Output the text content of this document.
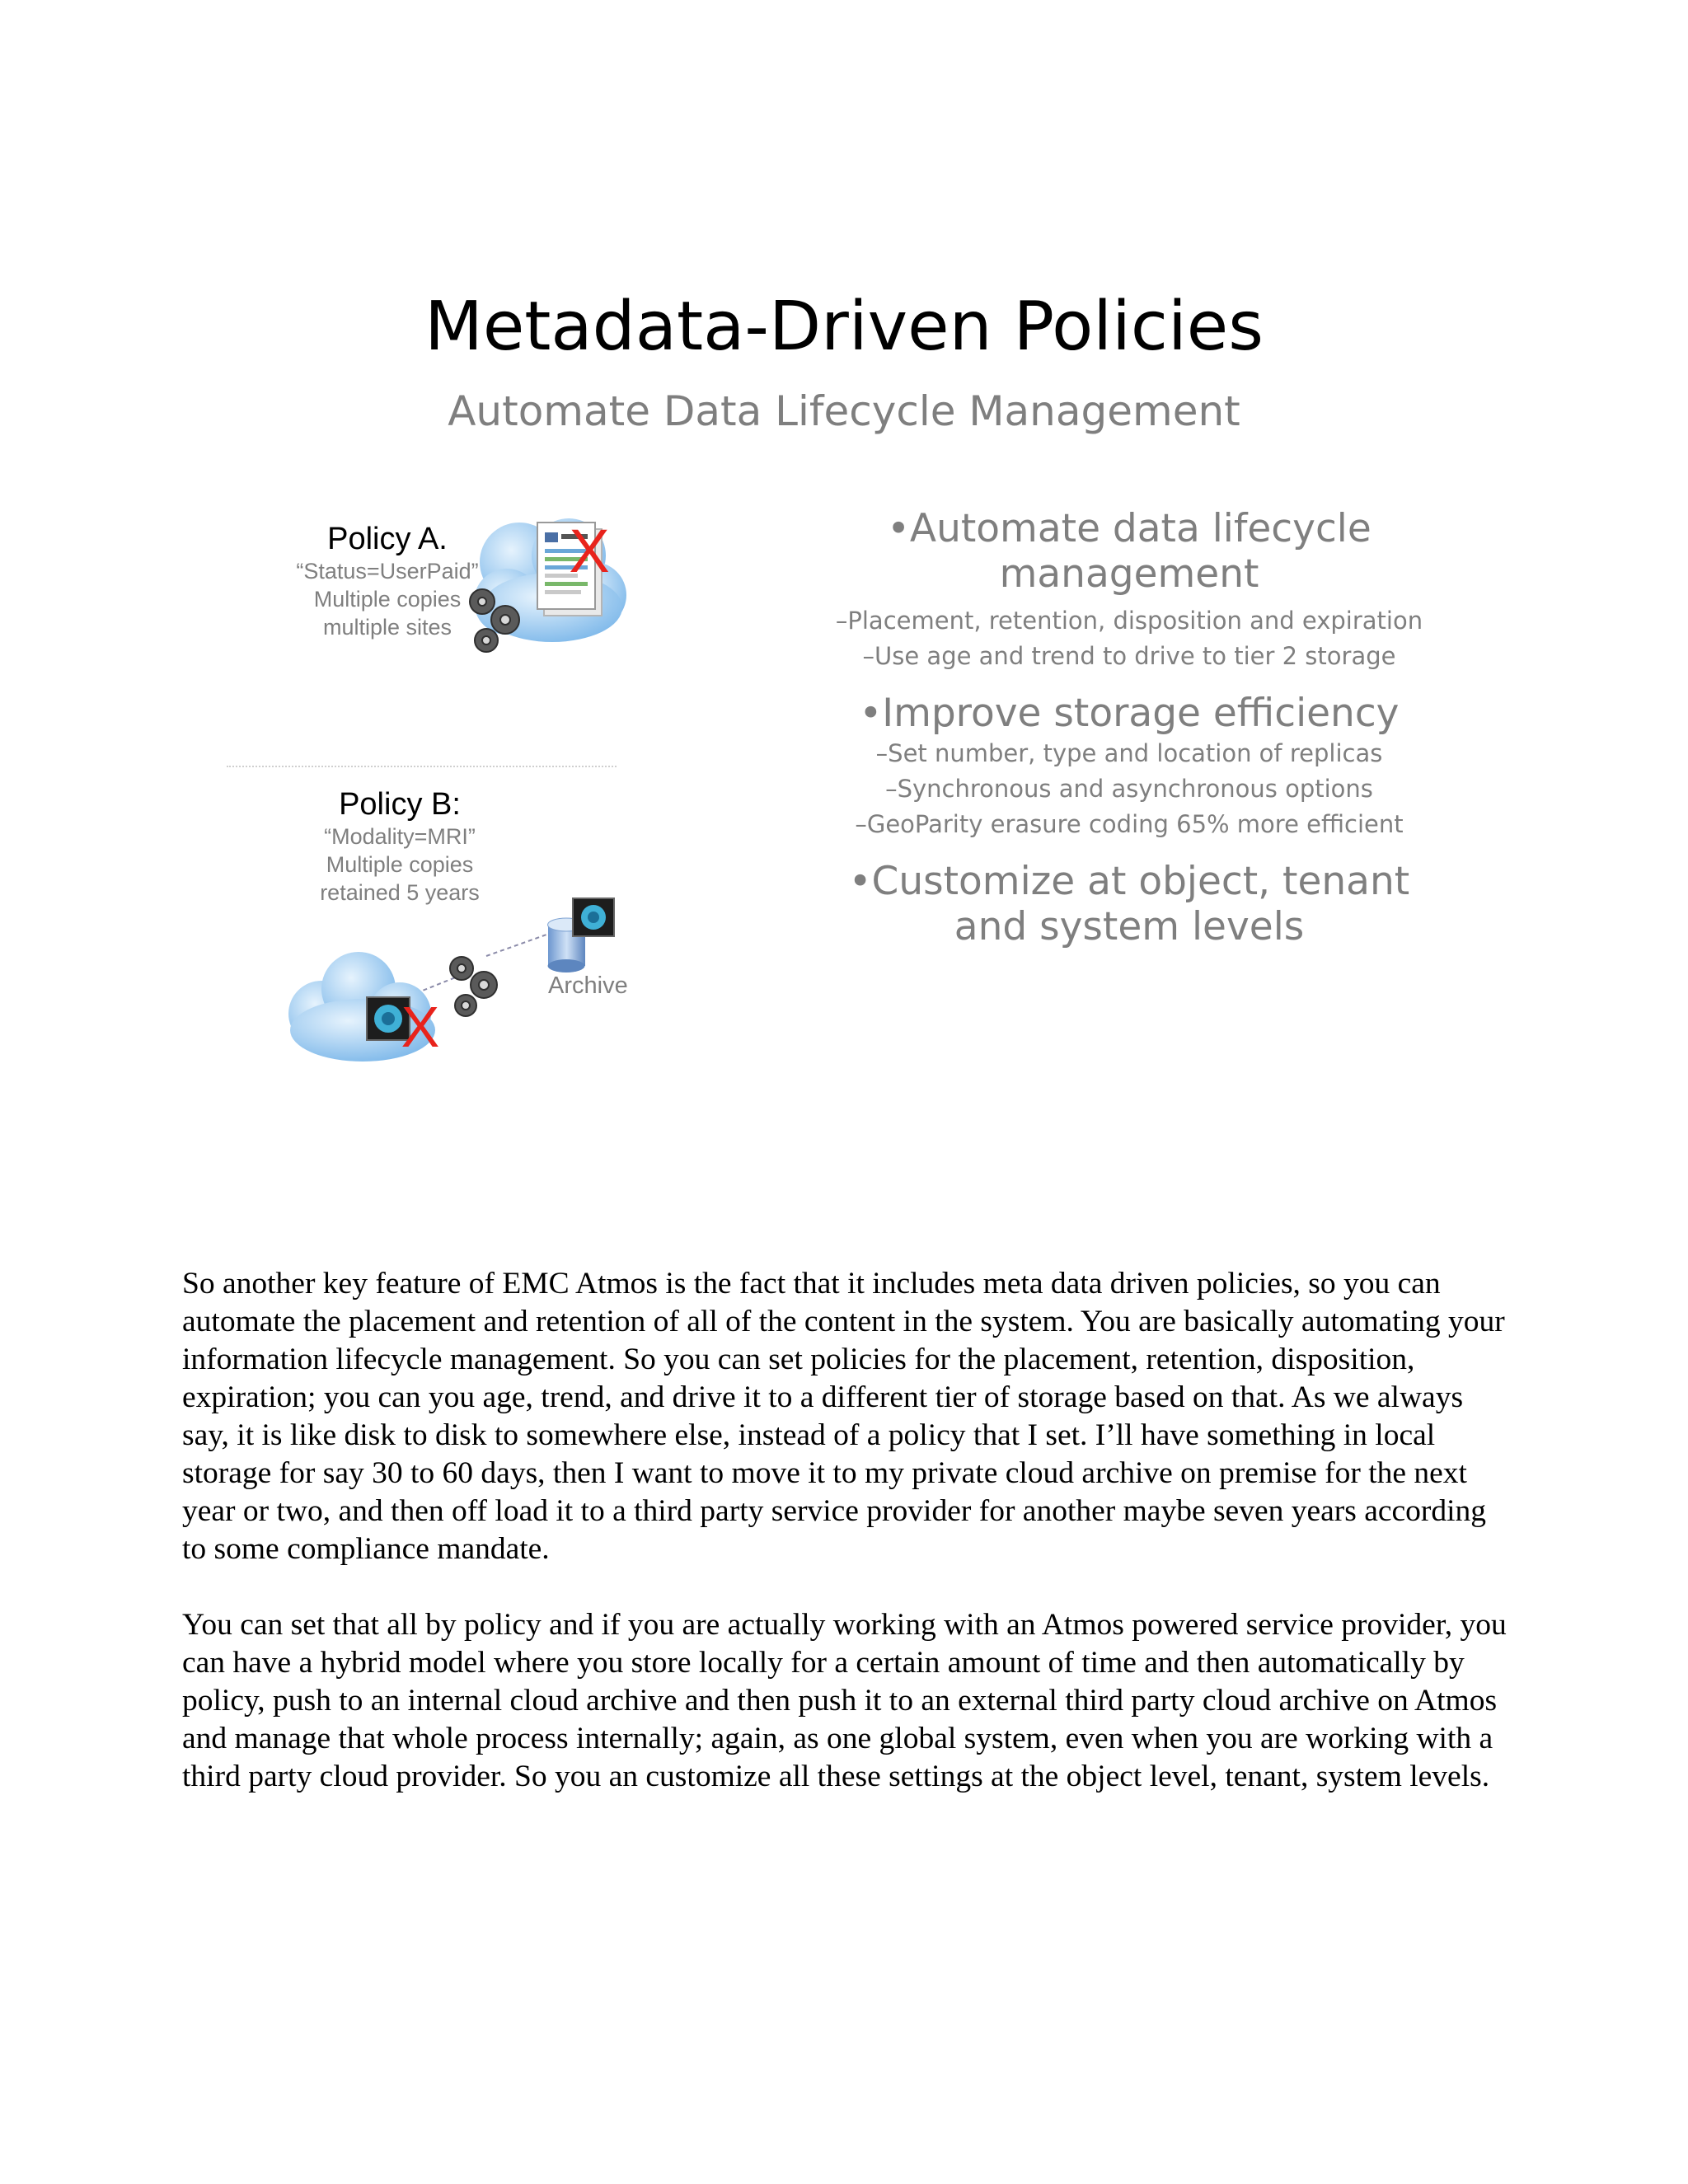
Metadata-Driven Policies
Automate Data Lifecycle Management
Policy A.
“Status=UserPaid”
Multiple copies
multiple sites
X
Policy B:
“Modality=MRI”
Multiple copies
retained 5 years
X
Archive
•Automate data lifecycle management
–Placement, retention, disposition and expiration
–Use age and trend to drive to tier 2 storage
•Improve storage efficiency
–Set number, type and location of replicas
–Synchronous and asynchronous options
–GeoParity erasure coding 65% more efficient
•Customize at object, tenant and system levels

So another key feature of EMC Atmos is the fact that it includes meta data driven policies, so you can automate the placement and retention of all of the content in the system. You are basically automating your information lifecycle management. So you can set policies for the placement, retention, disposition, expiration; you can you age, trend, and drive it to a different tier of storage based on that. As we always say, it is like disk to disk to somewhere else, instead of a policy that I set. I’ll have something in local storage for say 30 to 60 days, then I want to move it to my private cloud archive on premise for the next year or two, and then off load it to a third party service provider for another maybe seven years according to some compliance mandate.

You can set that all by policy and if you are actually working with an Atmos powered service provider, you can have a hybrid model where you store locally for a certain amount of time and then automatically by policy, push to an internal cloud archive and then push it to an external third party cloud archive on Atmos and manage that whole process internally; again, as one global system, even when you are working with a third party cloud provider. So you an customize all these settings at the object level, tenant, system levels.
